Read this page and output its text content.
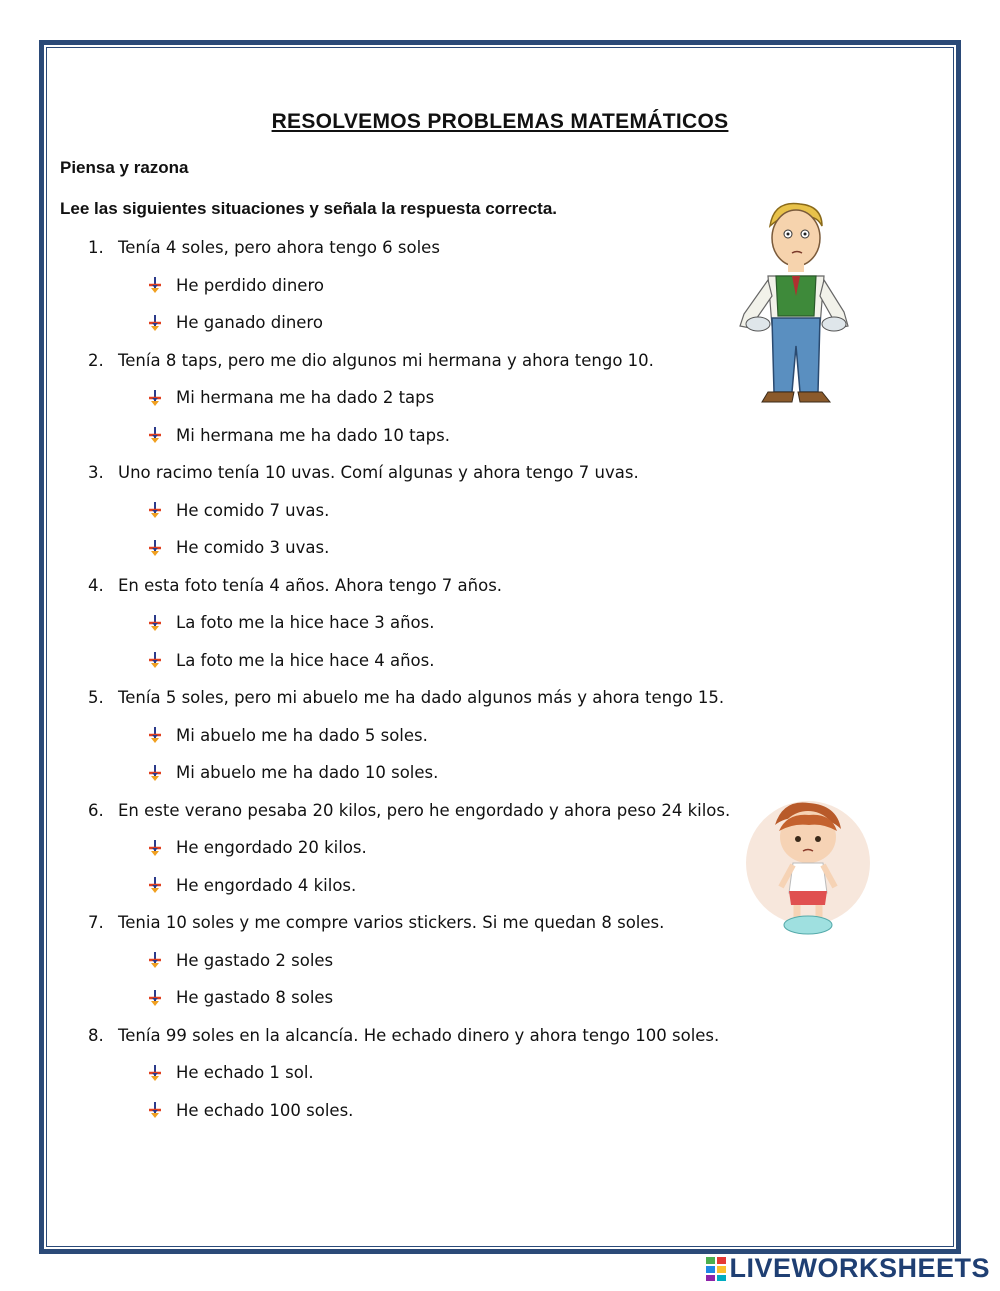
RESOLVEMOS PROBLEMAS MATEMÁTICOS
Piensa y razona
Lee las siguientes situaciones y señala la respuesta correcta.
1. Tenía 4 soles, pero ahora tengo 6 soles
He perdido dinero
He ganado dinero
2. Tenía 8 taps, pero me dio algunos mi hermana y ahora tengo 10.
Mi hermana me ha dado 2 taps
Mi hermana me ha dado 10 taps.
3. Uno racimo tenía 10 uvas. Comí algunas y ahora tengo 7 uvas.
He comido 7 uvas.
He comido 3 uvas.
4. En esta foto tenía 4 años. Ahora tengo 7 años.
La foto me la hice hace 3 años.
La foto me la hice hace 4 años.
5. Tenía 5 soles, pero mi abuelo me ha dado algunos más y ahora tengo 15.
Mi abuelo me ha dado 5 soles.
Mi abuelo me ha dado 10 soles.
6. En este verano pesaba 20 kilos, pero he engordado y ahora peso 24 kilos.
He engordado 20 kilos.
He engordado 4 kilos.
7. Tenia 10 soles y me compre varios stickers. Si me quedan 8 soles.
He gastado 2 soles
He gastado 8 soles
8. Tenía 99 soles en la alcancía. He echado dinero y ahora tengo 100 soles.
He echado 1 sol.
He echado 100 soles.
LIVEWORKSHEETS
